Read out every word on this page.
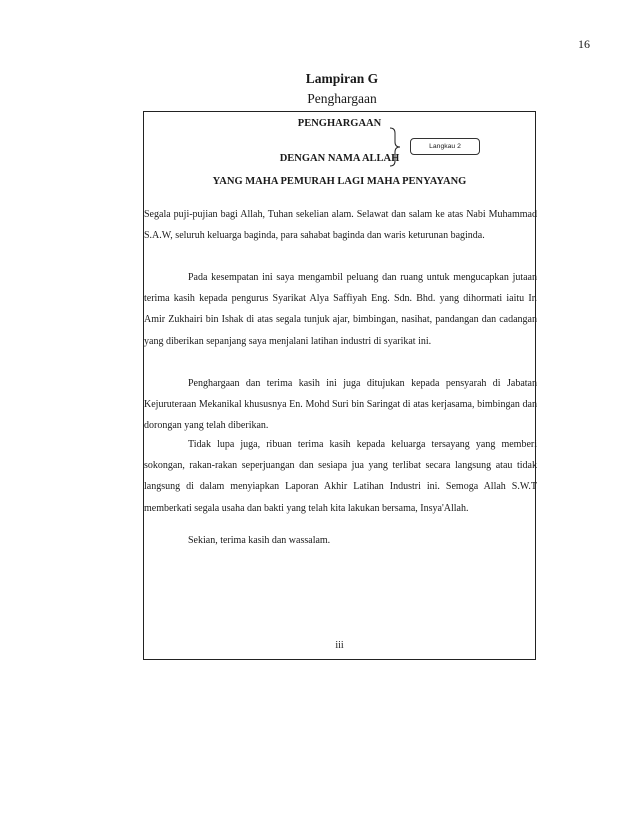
16
Lampiran G
Penghargaan
PENGHARGAAN
Langkau 2
DENGAN NAMA ALLAH
YANG MAHA PEMURAH LAGI MAHA PENYAYANG
Segala puji-pujian bagi Allah, Tuhan sekelian alam. Selawat dan salam ke atas Nabi Muhammad S.A.W, seluruh keluarga baginda, para sahabat baginda dan waris keturunan baginda.
Pada kesempatan ini saya mengambil peluang dan ruang untuk mengucapkan jutaan terima kasih kepada pengurus Syarikat Alya Saffiyah Eng. Sdn. Bhd. yang dihormati iaitu Ir. Amir Zukhairi bin Ishak di atas segala tunjuk ajar, bimbingan, nasihat, pandangan dan cadangan yang diberikan sepanjang saya menjalani latihan industri di syarikat ini.
Penghargaan dan terima kasih ini juga ditujukan kepada pensyarah di Jabatan Kejuruteraan Mekanikal khususnya En. Mohd Suri bin Saringat di atas kerjasama, bimbingan dan dorongan yang telah diberikan.
Tidak lupa juga, ribuan terima kasih kepada keluarga tersayang yang memberi sokongan, rakan-rakan seperjuangan dan sesiapa jua yang terlibat secara langsung atau tidak langsung di dalam menyiapkan Laporan Akhir Latihan Industri ini. Semoga Allah S.W.T memberkati segala usaha dan bakti yang telah kita lakukan bersama, Insya'Allah.
Sekian, terima kasih dan wassalam.
iii
